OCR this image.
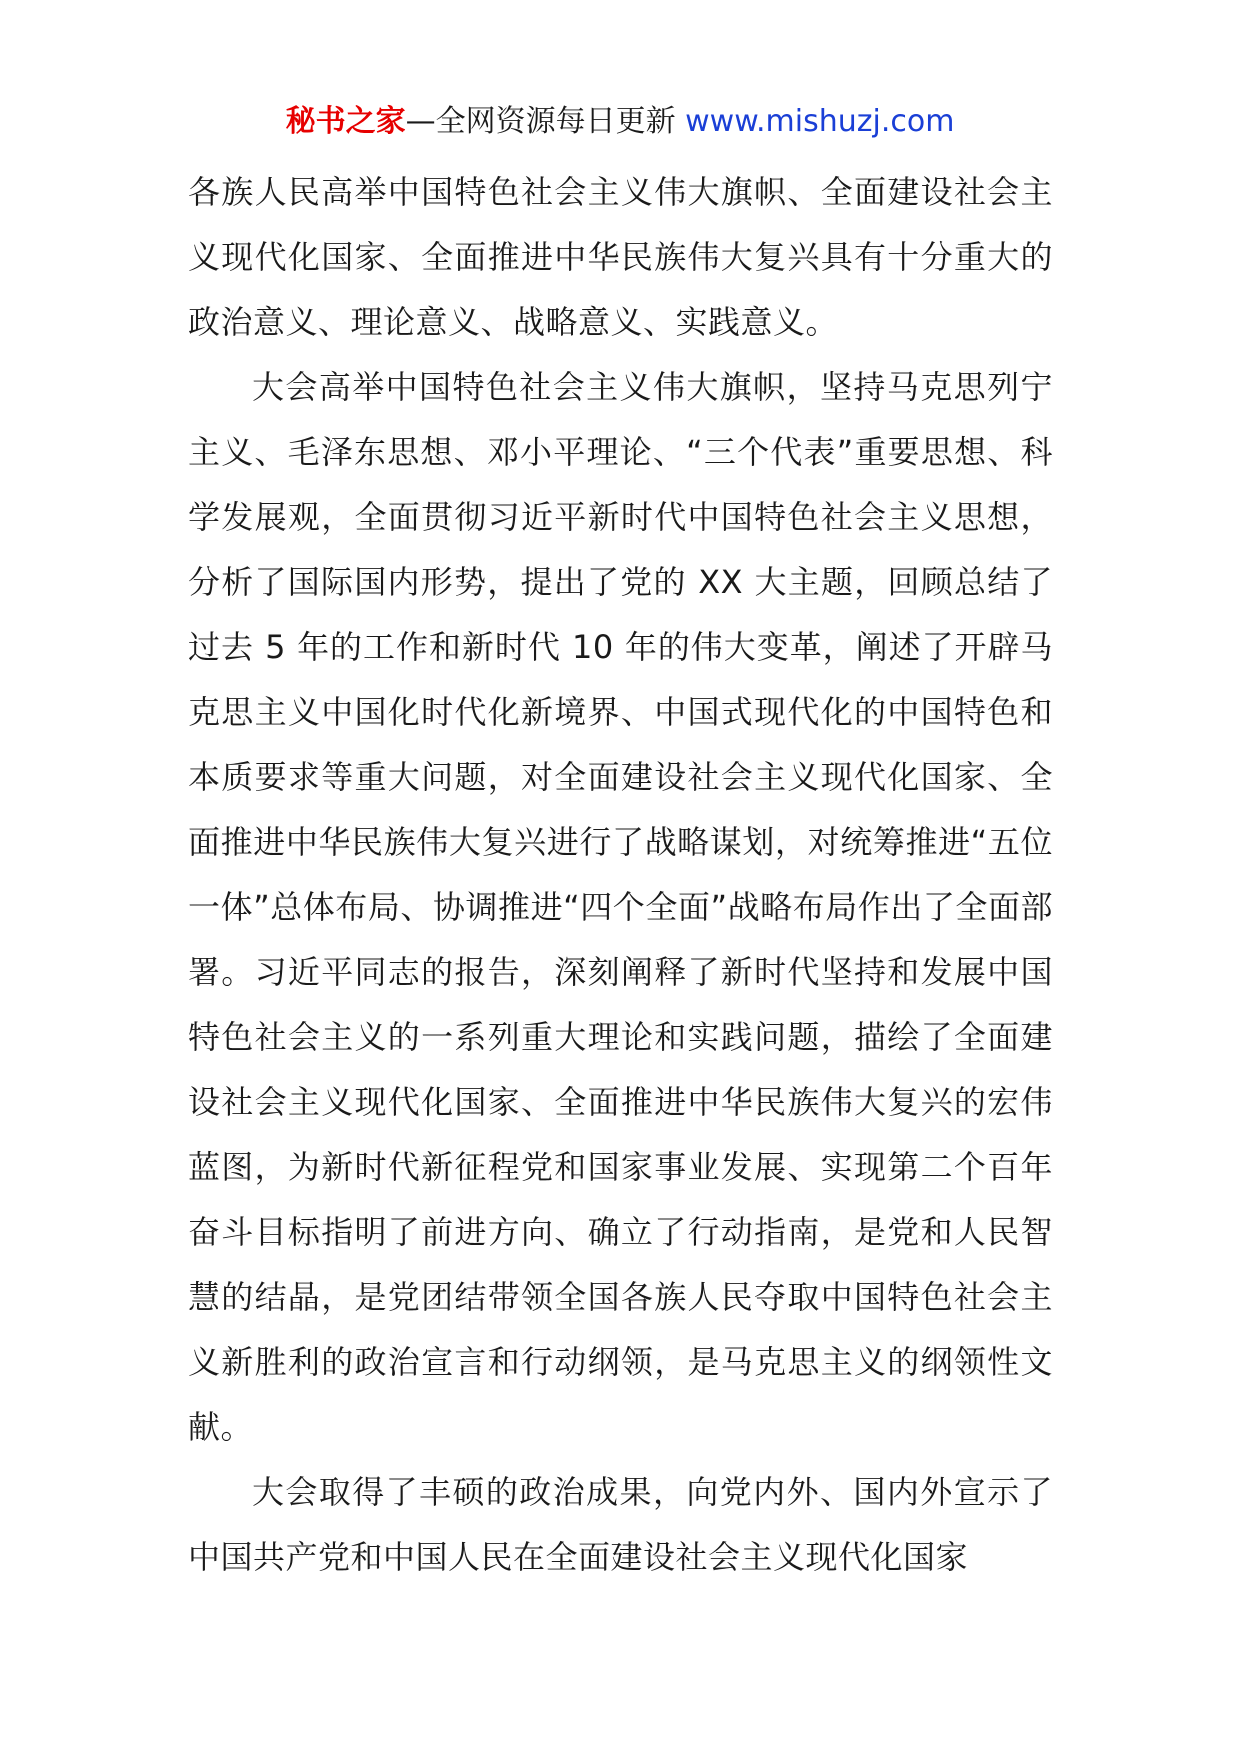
秘书之家—全网资源每日更新 www.mishuzj.com

各族人民高举中国特色社会主义伟大旗帜、全面建设社会主义现代化国家、全面推进中华民族伟大复兴具有十分重大的政治意义、理论意义、战略意义、实践意义。

大会高举中国特色社会主义伟大旗帜，坚持马克思列宁主义、毛泽东思想、邓小平理论、“三个代表”重要思想、科学发展观，全面贯彻习近平新时代中国特色社会主义思想，分析了国际国内形势，提出了党的 XX 大主题，回顾总结了过去 5 年的工作和新时代 10 年的伟大变革，阐述了开辟马克思主义中国化时代化新境界、中国式现代化的中国特色和本质要求等重大问题，对全面建设社会主义现代化国家、全面推进中华民族伟大复兴进行了战略谋划，对统筹推进“五位一体”总体布局、协调推进“四个全面”战略布局作出了全面部署。习近平同志的报告，深刻阐释了新时代坚持和发展中国特色社会主义的一系列重大理论和实践问题，描绘了全面建设社会主义现代化国家、全面推进中华民族伟大复兴的宏伟蓝图，为新时代新征程党和国家事业发展、实现第二个百年奋斗目标指明了前进方向、确立了行动指南，是党和人民智慧的结晶，是党团结带领全国各族人民夺取中国特色社会主义新胜利的政治宣言和行动纲领，是马克思主义的纲领性文献。

大会取得了丰硕的政治成果，向党内外、国内外宣示了中国共产党和中国人民在全面建设社会主义现代化国家
